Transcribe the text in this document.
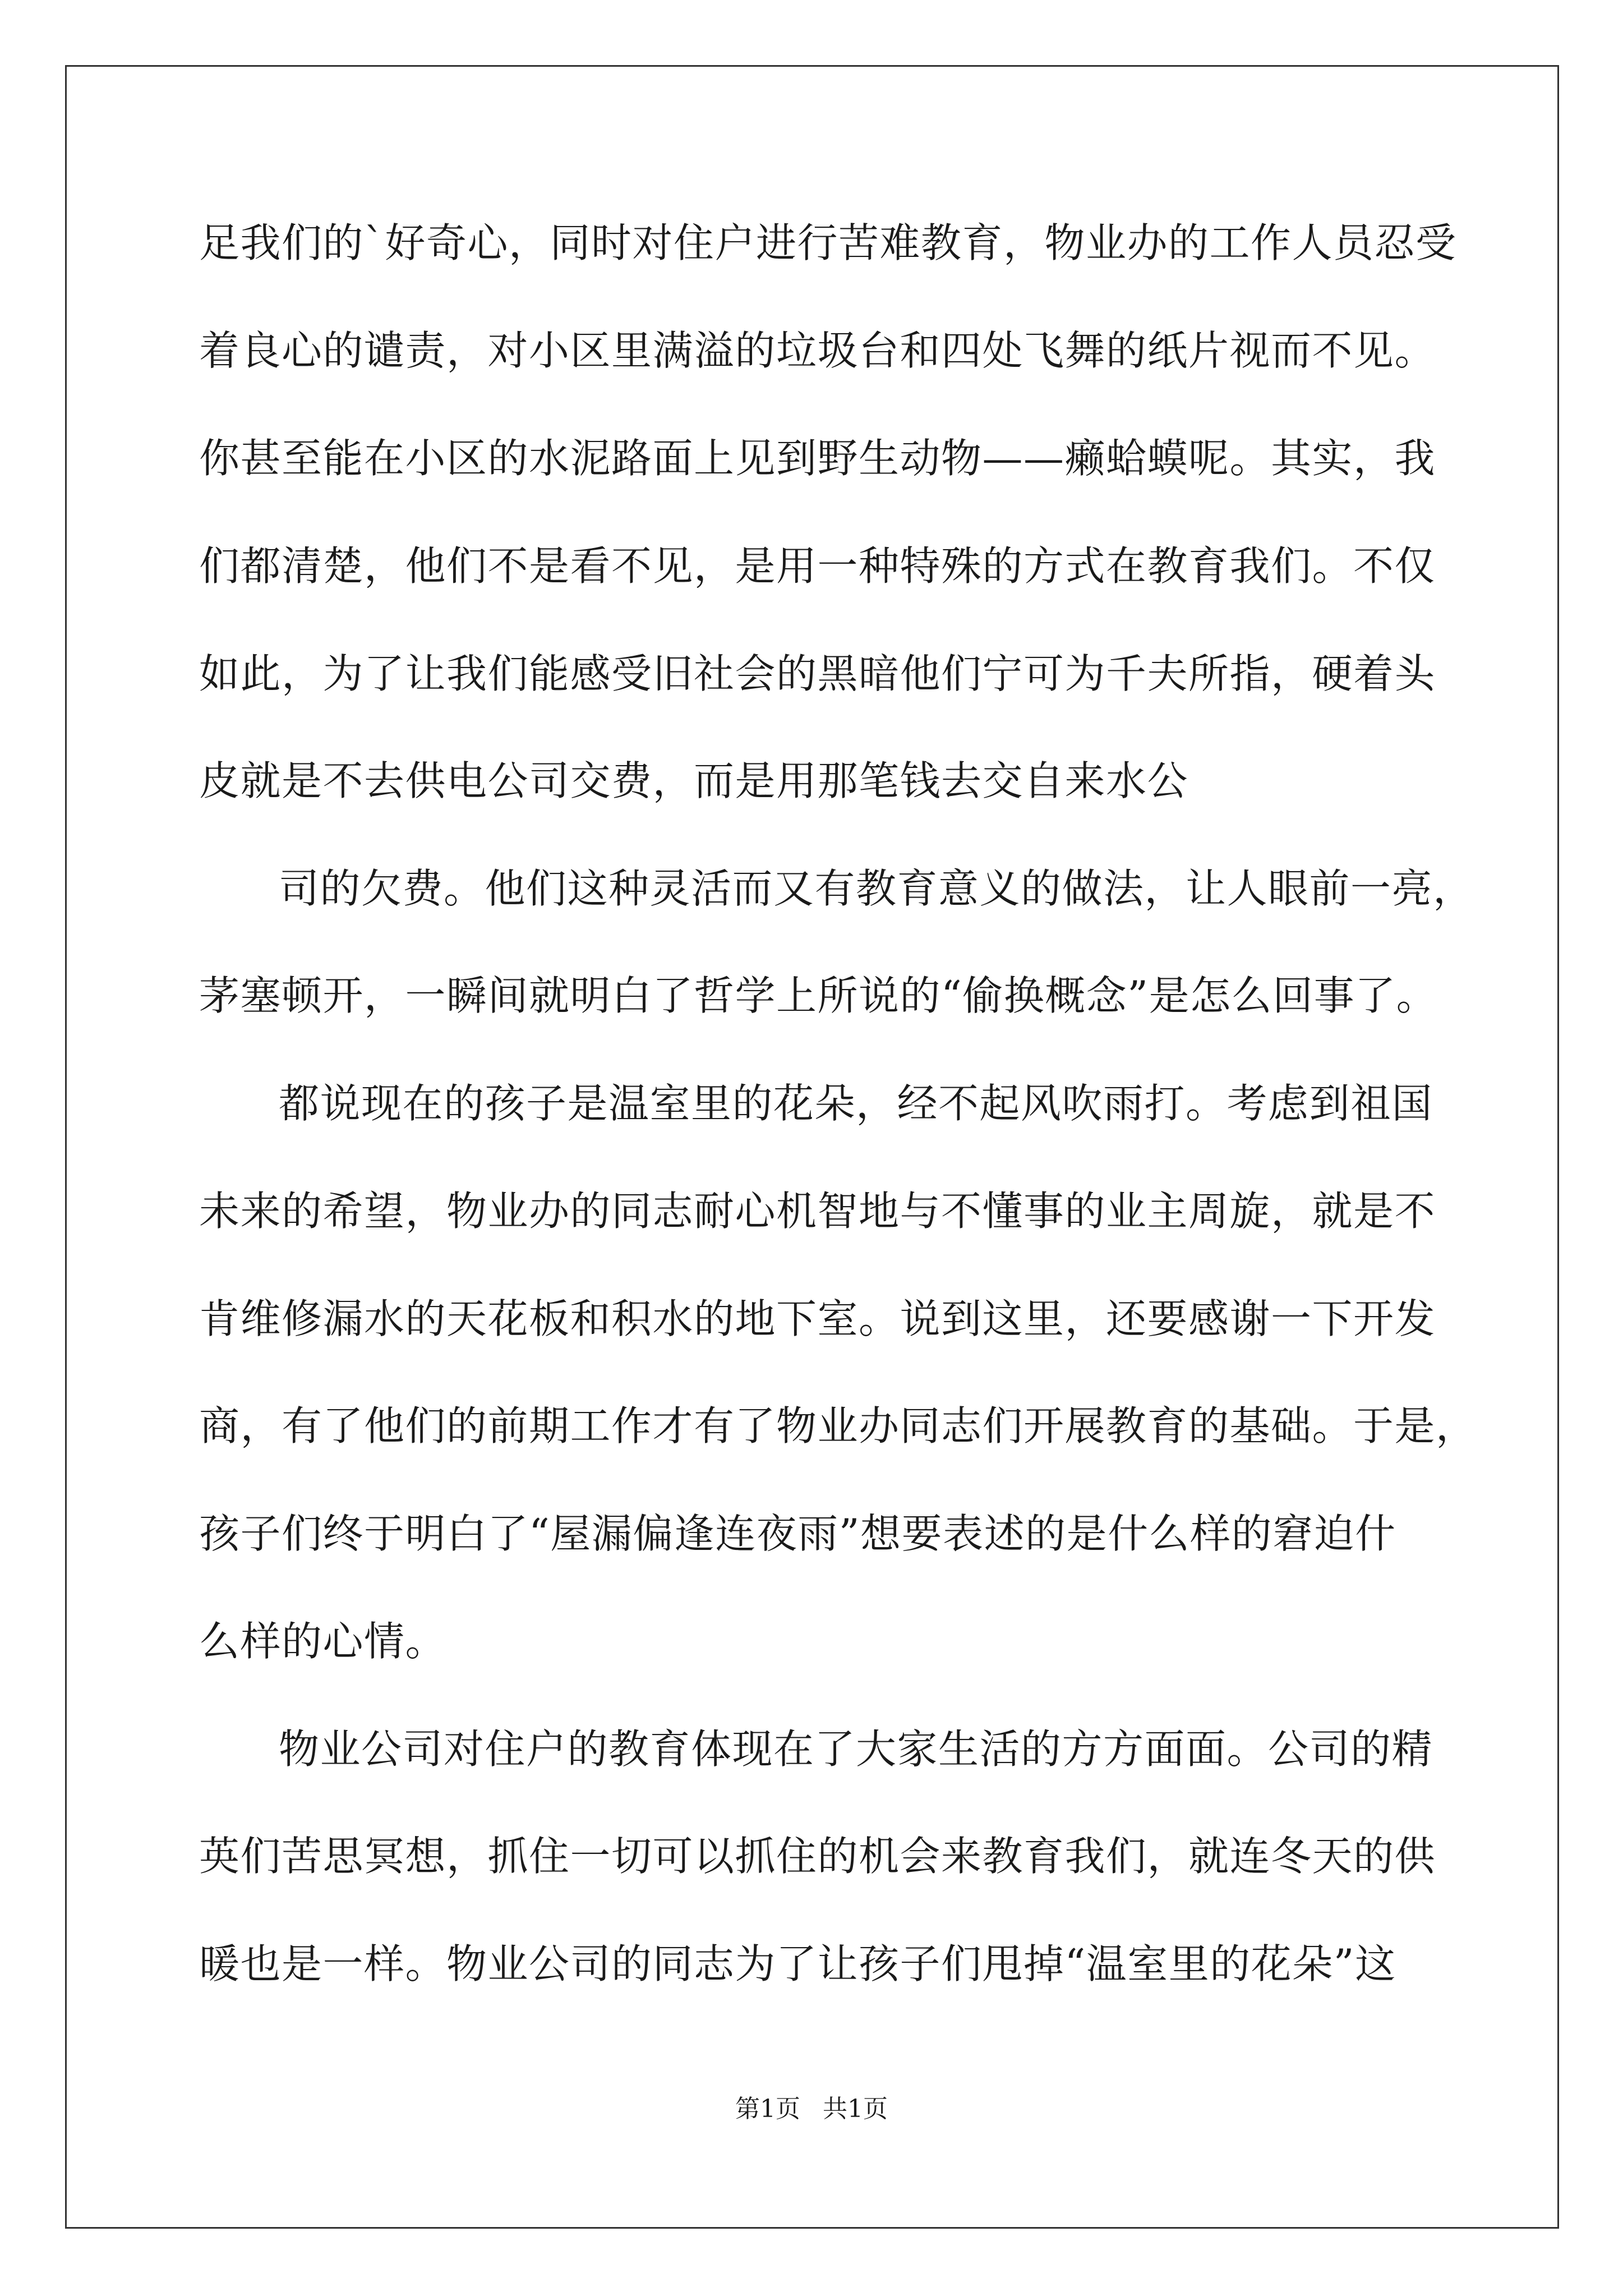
足我们的`好奇心，同时对住户进行苦难教育，物业办的工作人员忍受
着良心的谴责，对小区里满溢的垃圾台和四处飞舞的纸片视而不见。
你甚至能在小区的水泥路面上见到野生动物——癞蛤蟆呢。其实，我
们都清楚，他们不是看不见，是用一种特殊的方式在教育我们。不仅
如此，为了让我们能感受旧社会的黑暗他们宁可为千夫所指，硬着头
皮就是不去供电公司交费，而是用那笔钱去交自来水公
司的欠费。他们这种灵活而又有教育意义的做法，让人眼前一亮，
茅塞顿开，一瞬间就明白了哲学上所说的“偷换概念”是怎么回事了。
都说现在的孩子是温室里的花朵，经不起风吹雨打。考虑到祖国
未来的希望，物业办的同志耐心机智地与不懂事的业主周旋，就是不
肯维修漏水的天花板和积水的地下室。说到这里，还要感谢一下开发
商，有了他们的前期工作才有了物业办同志们开展教育的基础。于是，
孩子们终于明白了“屋漏偏逢连夜雨”想要表述的是什么样的窘迫什
么样的心情。
物业公司对住户的教育体现在了大家生活的方方面面。公司的精
英们苦思冥想，抓住一切可以抓住的机会来教育我们，就连冬天的供
暖也是一样。物业公司的同志为了让孩子们甩掉“温室里的花朵”这
第1页 共1页
